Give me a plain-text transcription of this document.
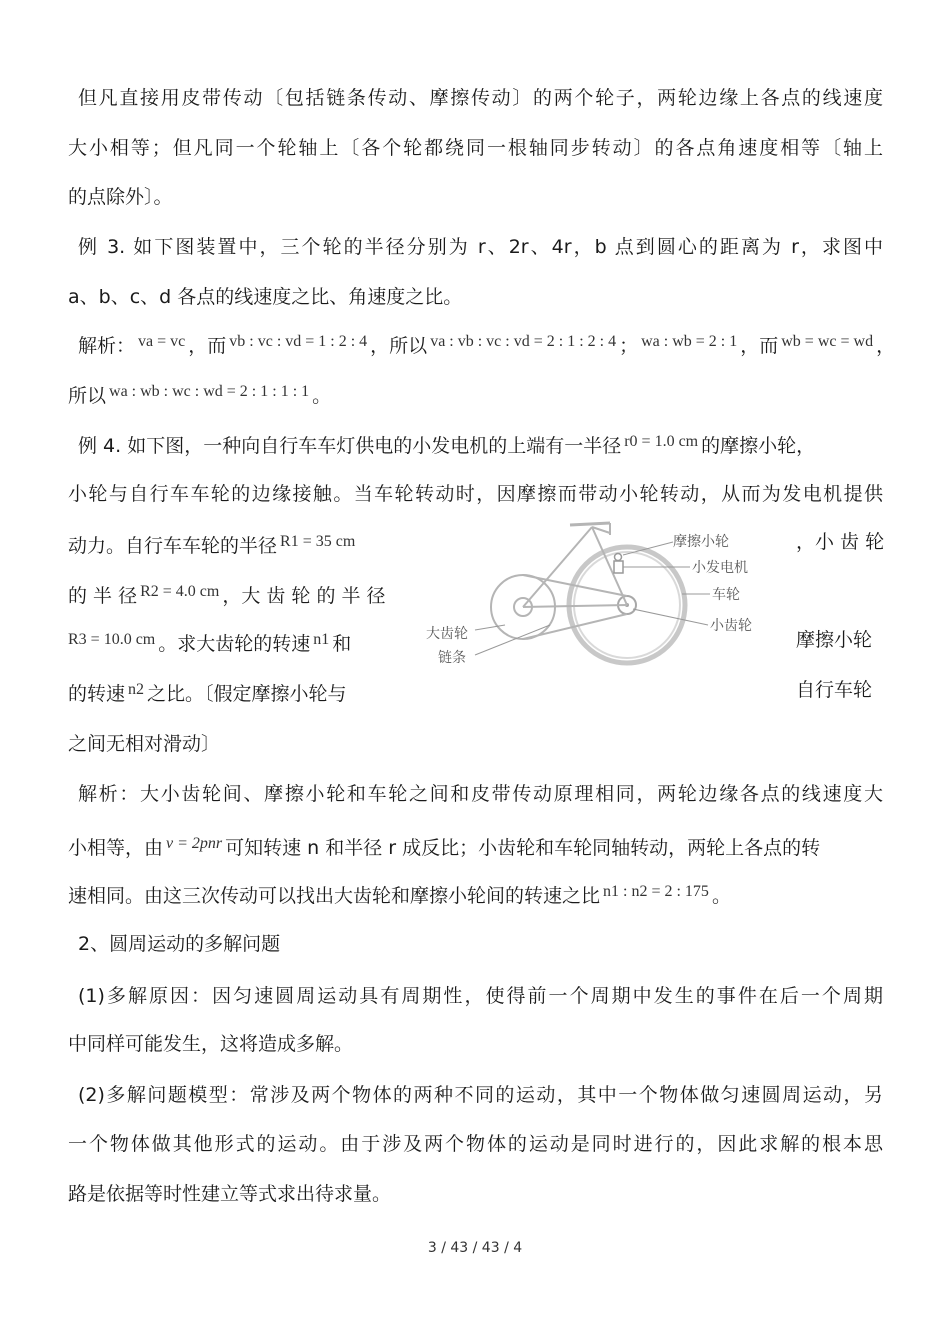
但凡直接用皮带传动〔包括链条传动、摩擦传动〕的两个轮子，两轮边缘上各点的线速度
大小相等；但凡同一个轮轴上〔各个轮都绕同一根轴同步转动〕的各点角速度相等〔轴上
的点除外〕。
例 3. 如下图装置中，三个轮的半径分别为 r、2r、4r，b 点到圆心的距离为 r，求图中
a、b、c、d 各点的线速度之比、角速度之比。
解析： $^{va = vc}$ ，而 $^{vb : vc : vd = 1 : 2 : 4}$ ，所以 $^{va : vb : vc : vd = 2 : 1 : 2 : 4}$ ； $^{wa : wb = 2 : 1}$ ，而 $^{wb = wc = wd}$ ，
所以 $^{wa : wb : wc : wd = 2 : 1 : 1 : 1}$ 。
例 4. 如下图，一种向自行车车灯供电的小发电机的上端有一半径 $^{r0 = 1.0 cm}$ 的摩擦小轮，
小轮与自行车车轮的边缘接触。当车轮转动时，因摩擦而带动小轮转动，从而为发电机提供
动力。自行车车轮的半径 $^{R1 = 35 cm}$	，小 齿 轮
的 半 径 $^{R2 = 4.0 cm}$ ，大 齿 轮 的 半 径
$^{R3 = 10.0 cm}$ 。求大齿轮的转速 $^{n1}$ 和	摩擦小轮
的转速 $^{n2}$ 之比。〔假定摩擦小轮与	自行车轮
之间无相对滑动〕
摩擦小轮
小发电机
车轮
小齿轮
大齿轮
链条
解析：大小齿轮间、摩擦小轮和车轮之间和皮带传动原理相同，两轮边缘各点的线速度大
小相等，由 $^{v = 2pnr}$ 可知转速 n 和半径 r 成反比；小齿轮和车轮同轴转动，两轮上各点的转
速相同。由这三次传动可以找出大齿轮和摩擦小轮间的转速之比 $^{n1 : n2 = 2 : 175}$ 。
2、圆周运动的多解问题
(1)多解原因：因匀速圆周运动具有周期性，使得前一个周期中发生的事件在后一个周期
中同样可能发生，这将造成多解。
(2)多解问题模型：常涉及两个物体的两种不同的运动，其中一个物体做匀速圆周运动，另
一个物体做其他形式的运动。由于涉及两个物体的运动是同时进行的，因此求解的根本思
路是依据等时性建立等式求出待求量。
3 / 43 / 43 / 4
